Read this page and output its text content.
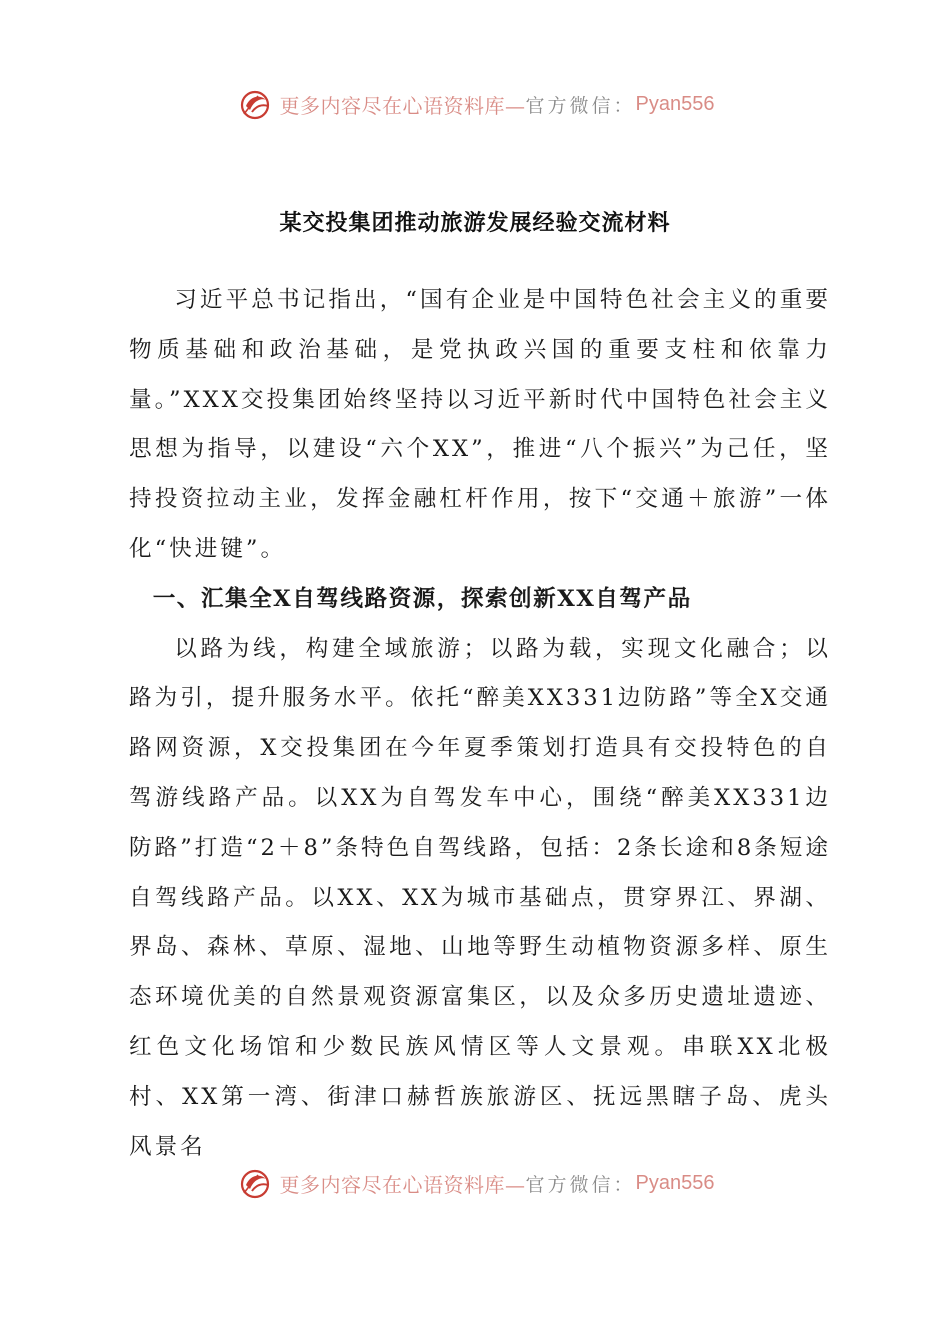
更多内容尽在心语资料库— 官方微信： Pyan556
某交投集团推动旅游发展经验交流材料

习近平总书记指出，“国有企业是中国特色社会主义的重要物质基础和政治基础，是党执政兴国的重要支柱和依靠力量。”XXX交投集团始终坚持以习近平新时代中国特色社会主义思想为指导，以建设“六个XX”，推进“八个振兴”为己任，坚持投资拉动主业，发挥金融杠杆作用，按下“交通＋旅游”一体化“快进键”。

一、汇集全X自驾线路资源，探索创新XX自驾产品

以路为线，构建全域旅游；以路为载，实现文化融合；以路为引，提升服务水平。依托“醉美XX331边防路”等全X交通路网资源，X交投集团在今年夏季策划打造具有交投特色的自驾游线路产品。以XX为自驾发车中心，围绕“醉美XX331边防路”打造“2＋8”条特色自驾线路，包括：2条长途和8条短途自驾线路产品。以XX、XX为城市基础点，贯穿界江、界湖、界岛、森林、草原、湿地、山地等野生动植物资源多样、原生态环境优美的自然景观资源富集区，以及众多历史遗址遗迹、红色文化场馆和少数民族风情区等人文景观。串联XX北极村、XX第一湾、街津口赫哲族旅游区、抚远黑瞎子岛、虎头风景名

更多内容尽在心语资料库— 官方微信： Pyan556
